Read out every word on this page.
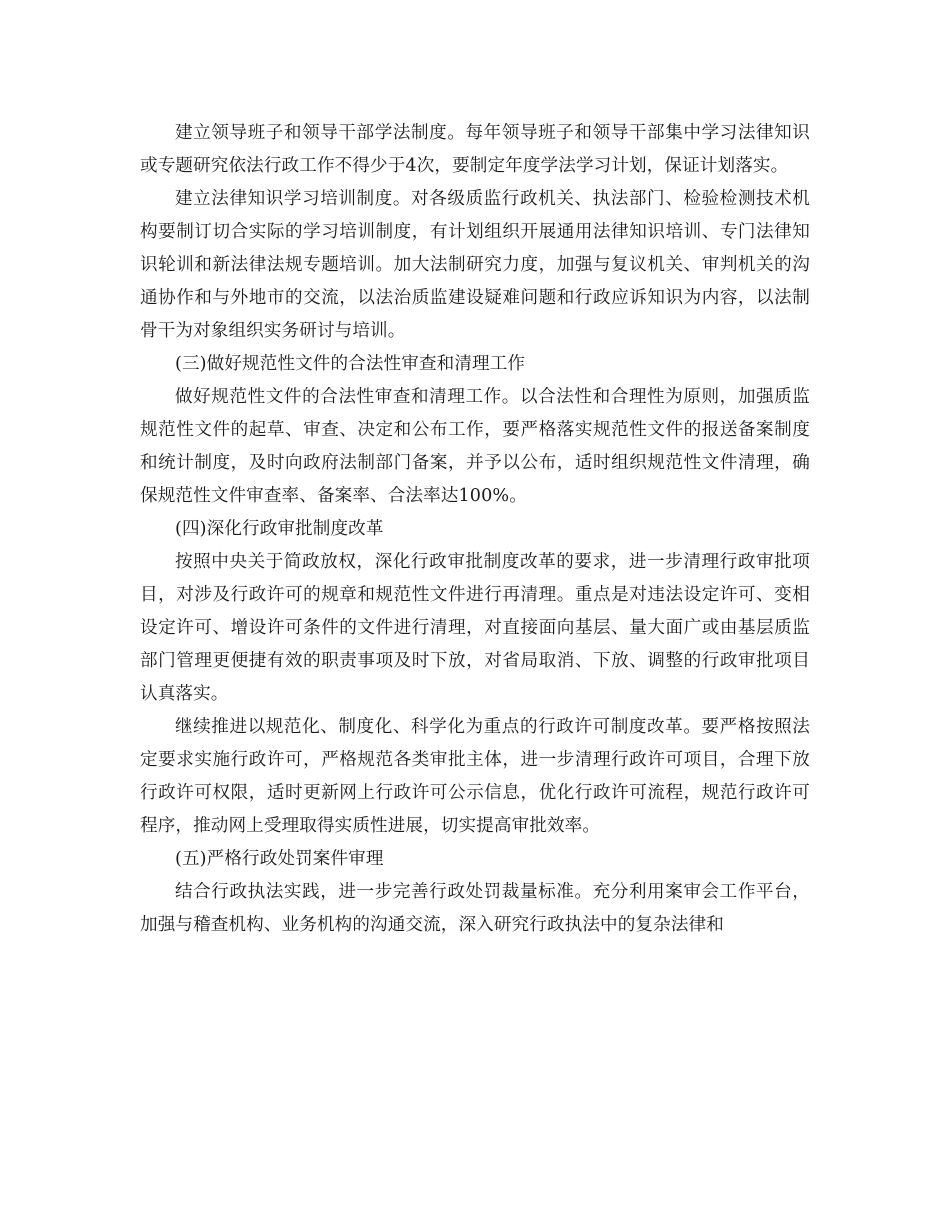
建立领导班子和领导干部学法制度。每年领导班子和领导干部集中学习法律知识或专题研究依法行政工作不得少于4次，要制定年度学法学习计划，保证计划落实。

建立法律知识学习培训制度。对各级质监行政机关、执法部门、检验检测技术机构要制订切合实际的学习培训制度，有计划组织开展通用法律知识培训、专门法律知识轮训和新法律法规专题培训。加大法制研究力度，加强与复议机关、审判机关的沟通协作和与外地市的交流，以法治质监建设疑难问题和行政应诉知识为内容，以法制骨干为对象组织实务研讨与培训。

(三)做好规范性文件的合法性审查和清理工作

做好规范性文件的合法性审查和清理工作。以合法性和合理性为原则，加强质监规范性文件的起草、审查、决定和公布工作，要严格落实规范性文件的报送备案制度和统计制度，及时向政府法制部门备案，并予以公布，适时组织规范性文件清理，确保规范性文件审查率、备案率、合法率达100%。

(四)深化行政审批制度改革

按照中央关于简政放权，深化行政审批制度改革的要求，进一步清理行政审批项目，对涉及行政许可的规章和规范性文件进行再清理。重点是对违法设定许可、变相设定许可、增设许可条件的文件进行清理，对直接面向基层、量大面广或由基层质监部门管理更便捷有效的职责事项及时下放，对省局取消、下放、调整的行政审批项目认真落实。

继续推进以规范化、制度化、科学化为重点的行政许可制度改革。要严格按照法定要求实施行政许可，严格规范各类审批主体，进一步清理行政许可项目，合理下放行政许可权限，适时更新网上行政许可公示信息，优化行政许可流程，规范行政许可程序，推动网上受理取得实质性进展，切实提高审批效率。

(五)严格行政处罚案件审理

结合行政执法实践，进一步完善行政处罚裁量标准。充分利用案审会工作平台，加强与稽查机构、业务机构的沟通交流，深入研究行政执法中的复杂法律和
